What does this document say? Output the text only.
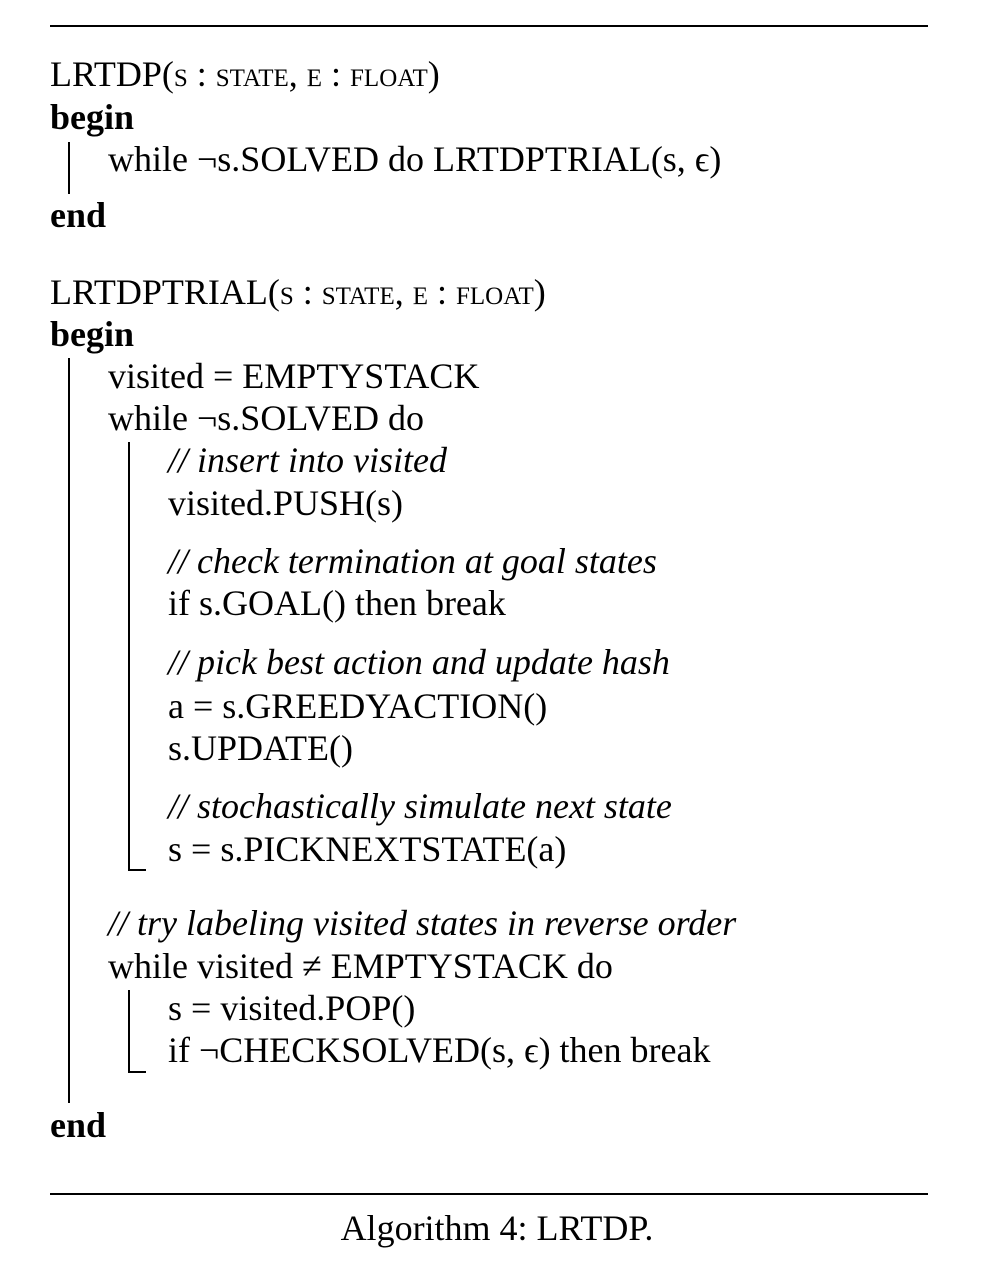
LRTDP(s : state, ϵ : float)
begin
while ¬s.SOLVED do LRTDPTRIAL(s, ϵ)
end
LRTDPTRIAL(s : state, ϵ : float)
begin
visited = EMPTYSTACK
while ¬s.SOLVED do
// insert into visited
visited.PUSH(s)
// check termination at goal states
if s.GOAL() then break
// pick best action and update hash
a = s.GREEDYACTION()
s.UPDATE()
// stochastically simulate next state
s = s.PICKNEXTSTATE(a)
// try labeling visited states in reverse order
while visited ≠ EMPTYSTACK do
s = visited.POP()
if ¬CHECKSOLVED(s, ϵ) then break
end
Algorithm 4: LRTDP.
